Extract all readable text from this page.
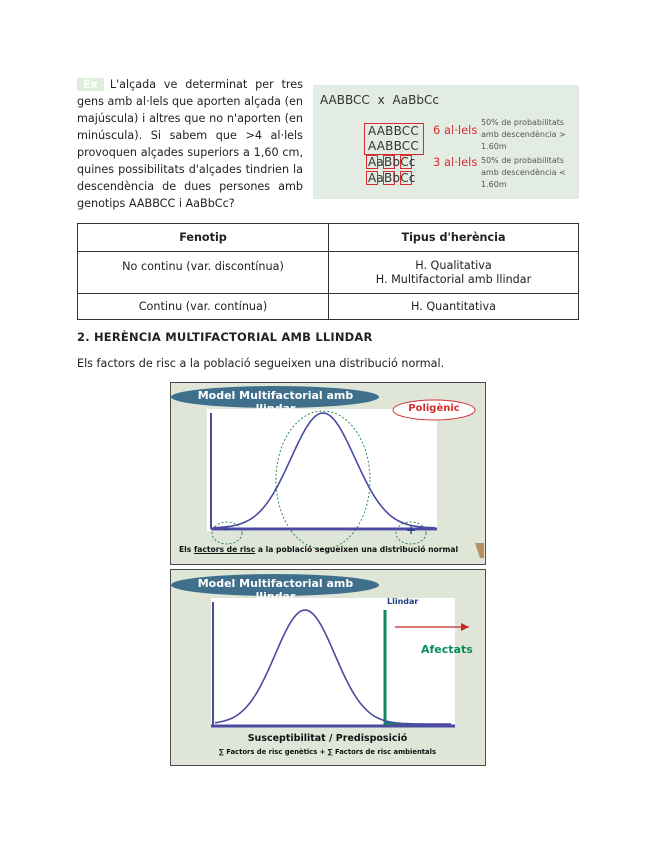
Ex L'alçada ve determinat per tres gens amb al·lels que aporten alçada (en majúscula) i altres que no n'aporten (en minúscula). Si sabem que >4 al·lels provoquen alçades superiors a 1,60 cm, quines possibilitats d'alçades tindrien la descendència de dues persones amb genotips AABBCC i AaBbCc?
AABBCC x AaBbCc
AABBCC
AABBCC
AaBbCc
AaBbCc
6 al·lels
3 al·lels
50% de probabilitats amb descendència > 1.60m
50% de probabilitats amb descendència < 1.60m
Fenotip	Tipus d'herència
No continu (var. discontínua)	H. Qualitativa
H. Multifactorial amb llindar

Continu (var. contínua)	H. Quantitativa
2. HERÈNCIA MULTIFACTORIAL AMB LLINDAR
Els factors de risc a la població segueixen una distribució normal.
Model Multifactorial amb llindar	Poligènic
-	+
Els factors de risc a la població segueixen una distribució normal
Model Multifactorial amb llindar	Llindar
Afectats
Susceptibilitat / Predisposició
∑ Factors de risc genètics + ∑ Factors de risc ambientals
